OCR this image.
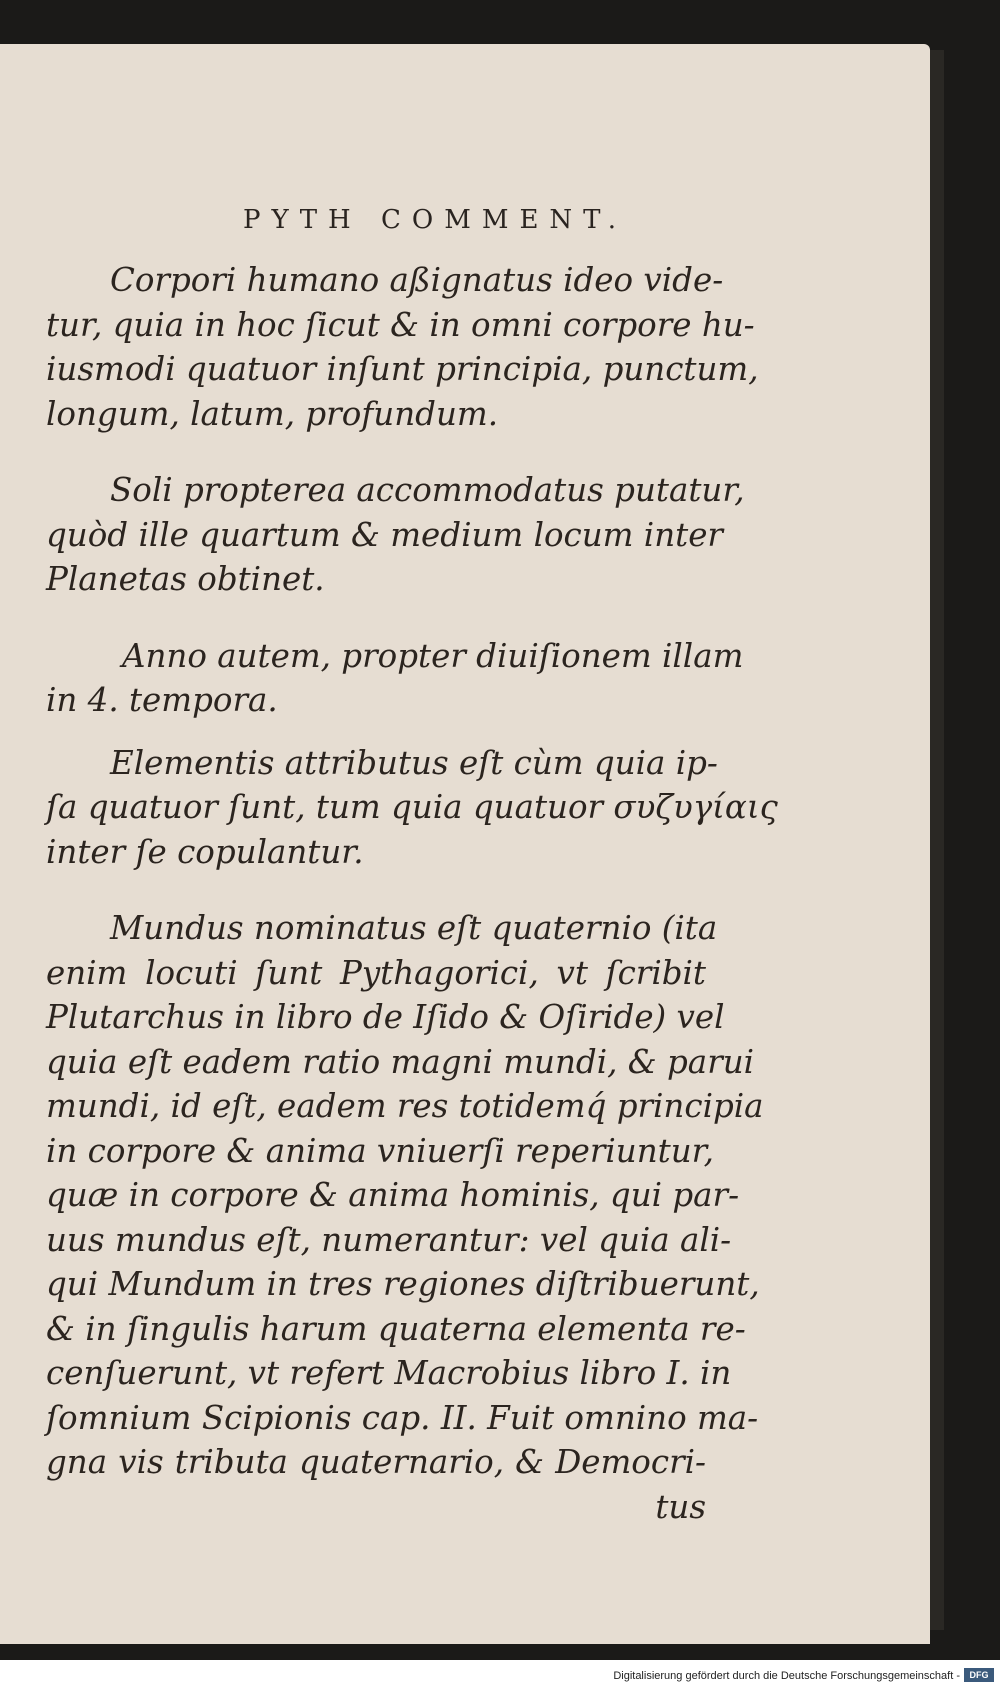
PYTH COMMENT.
Corpori humano aßignatus ideo vide-
tur, quia in hoc ſicut & in omni corpore hu-
iusmodi quatuor inſunt principia, punctum,
longum, latum, profundum.
Soli propterea accommodatus putatur,
quòd ille quartum & medium locum inter
Planetas obtinet.
Anno autem, propter diuiſionem illam
in 4. tempora.
Elementis attributus eſt cùm quia ip-
ſa quatuor ſunt, tum quia quatuor συζυγίαις
inter ſe copulantur.
Mundus nominatus eſt quaternio (ita
enim locuti ſunt Pythagorici, vt ſcribit
Plutarchus in libro de Iſido & Oſiride) vel
quia eſt eadem ratio magni mundi, & parui
mundi, id eſt, eadem res totidemq́ principia
in corpore & anima vniuerſi reperiuntur,
quæ in corpore & anima hominis, qui par-
uus mundus eſt, numerantur: vel quia ali-
qui Mundum in tres regiones diſtribuerunt,
& in ſingulis harum quaterna elementa re-
cenſuerunt, vt refert Macrobius libro I. in
ſomnium Scipionis cap. II. Fuit omnino ma-
gna vis tributa quaternario, & Democri-
tus
Digitalisierung gefördert durch die Deutsche Forschungsgemeinschaft -	DFG
